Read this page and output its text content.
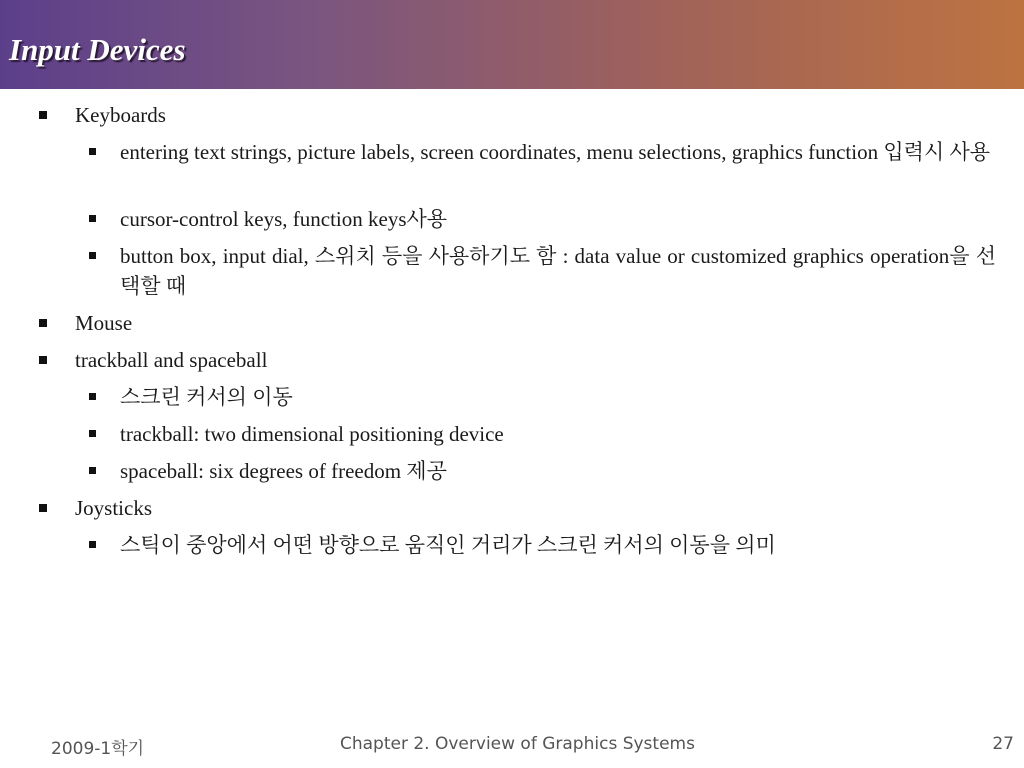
Input Devices
Keyboards
entering text strings, picture labels, screen coordinates, menu selections, graphics function 입력시 사용
cursor-control keys, function keys사용
button box, input dial, 스위치 등을 사용하기도 함 : data value or customized graphics operation을 선택할 때
Mouse
trackball and spaceball
스크린 커서의 이동
trackball: two dimensional positioning device
spaceball: six degrees of freedom 제공
Joysticks
스틱이 중앙에서 어떤 방향으로 움직인 거리가 스크린 커서의 이동을 의미
2009-1학기	Chapter 2. Overview of Graphics Systems	27
